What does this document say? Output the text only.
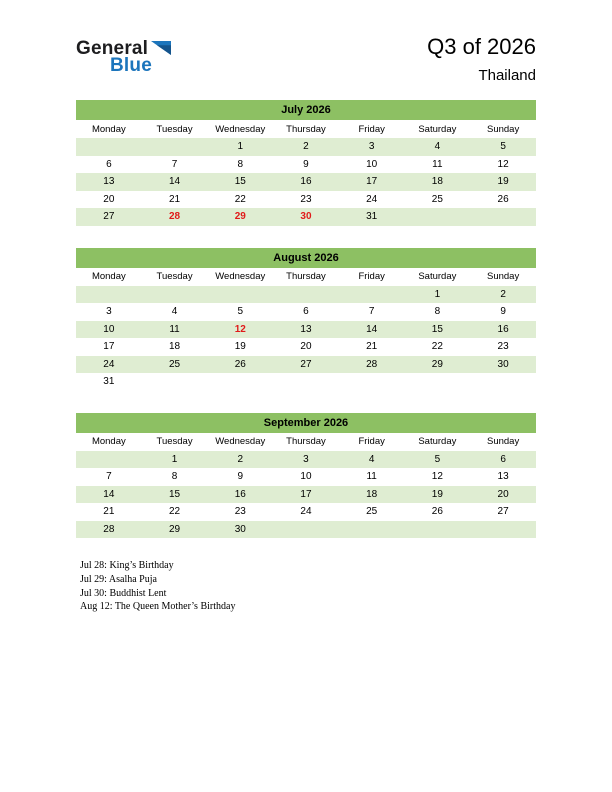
General
Blue
Q3 of 2026
Thailand
July 2026						
Monday	Tuesday	Wednesday	Thursday	Friday	Saturday	Sunday
		1	2	3	4	5
6	7	8	9	10	11	12
13	14	15	16	17	18	19
20	21	22	23	24	25	26
27	28	29	30	31		
August 2026						
Monday	Tuesday	Wednesday	Thursday	Friday	Saturday	Sunday
					1	2
3	4	5	6	7	8	9
10	11	12	13	14	15	16
17	18	19	20	21	22	23
24	25	26	27	28	29	30
31						
September 2026						
Monday	Tuesday	Wednesday	Thursday	Friday	Saturday	Sunday
	1	2	3	4	5	6
7	8	9	10	11	12	13
14	15	16	17	18	19	20
21	22	23	24	25	26	27
28	29	30				
Jul 28: King’s Birthday
Jul 29: Asalha Puja
Jul 30: Buddhist Lent
Aug 12: The Queen Mother’s Birthday
